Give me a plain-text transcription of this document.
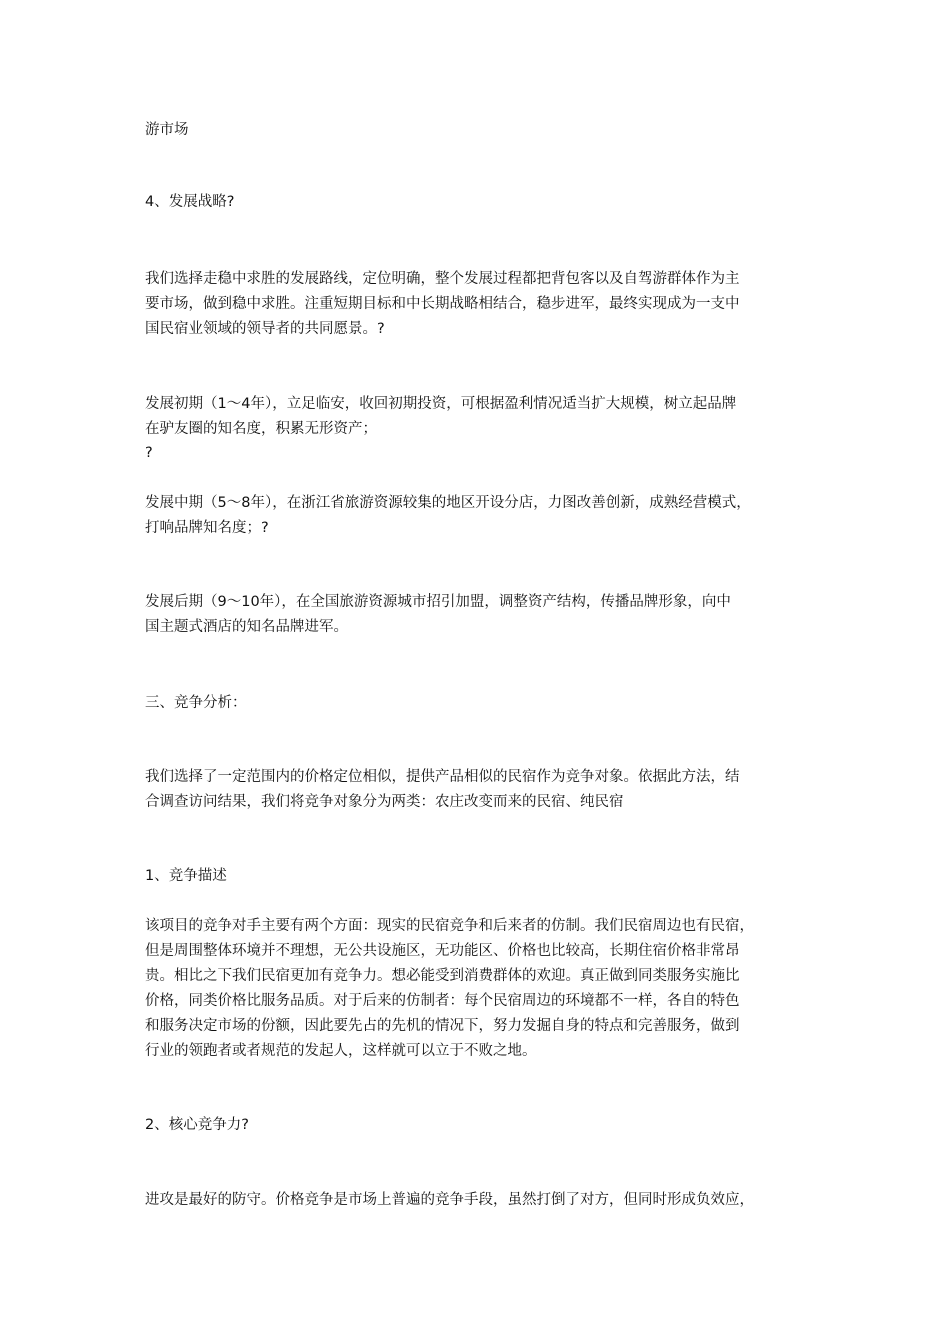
游市场
4、发展战略?
我们选择走稳中求胜的发展路线，定位明确，整个发展过程都把背包客以及自驾游群体作为主
要市场，做到稳中求胜。注重短期目标和中长期战略相结合，稳步进军，最终实现成为一支中
国民宿业领域的领导者的共同愿景。?
发展初期（1～4年），立足临安，收回初期投资，可根据盈利情况适当扩大规模，树立起品牌
在驴友圈的知名度，积累无形资产；
?
发展中期（5～8年），在浙江省旅游资源较集的地区开设分店，力图改善创新，成熟经营模式，
打响品牌知名度；?
发展后期（9～10年），在全国旅游资源城市招引加盟，调整资产结构，传播品牌形象，向中
国主题式酒店的知名品牌进军。
三、竞争分析：
我们选择了一定范围内的价格定位相似，提供产品相似的民宿作为竞争对象。依据此方法，结
合调查访问结果，我们将竞争对象分为两类：农庄改变而来的民宿、纯民宿
1、竞争描述
该项目的竞争对手主要有两个方面：现实的民宿竞争和后来者的仿制。我们民宿周边也有民宿，
但是周围整体环境并不理想，无公共设施区，无功能区、价格也比较高，长期住宿价格非常昂
贵。相比之下我们民宿更加有竞争力。想必能受到消费群体的欢迎。真正做到同类服务实施比
价格，同类价格比服务品质。对于后来的仿制者：每个民宿周边的环境都不一样，各自的特色
和服务决定市场的份额，因此要先占的先机的情况下，努力发掘自身的特点和完善服务，做到
行业的领跑者或者规范的发起人，这样就可以立于不败之地。
2、核心竞争力?
进攻是最好的防守。价格竞争是市场上普遍的竞争手段，虽然打倒了对方，但同时形成负效应，
